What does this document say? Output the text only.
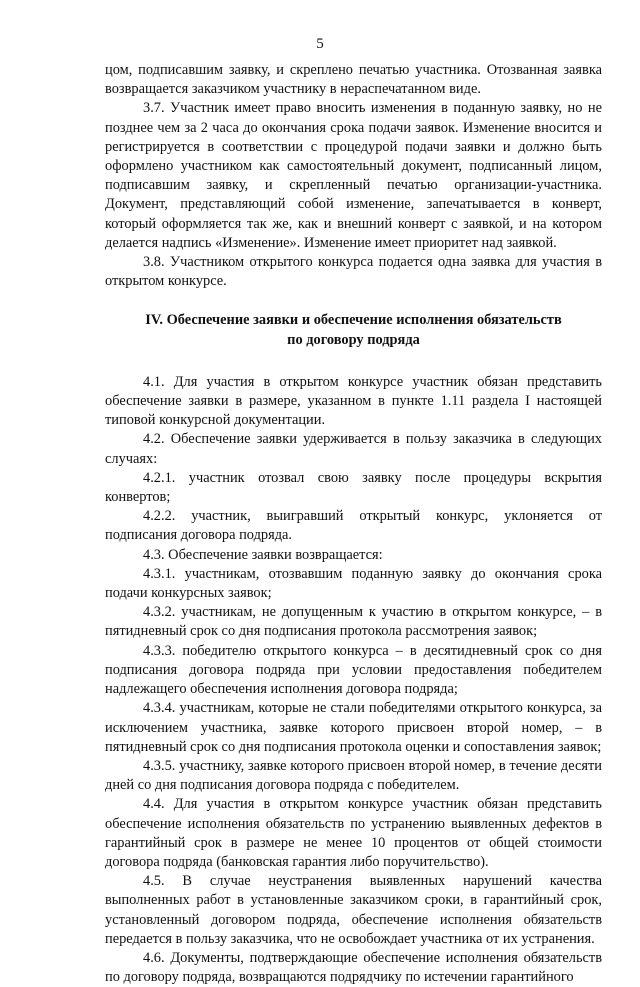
5

цом, подписавшим заявку, и скреплено печатью участника. Отозванная заявка возвращается заказчиком участнику в нераспечатанном виде.

3.7. Участник имеет право вносить изменения в поданную заявку, но не позднее чем за 2 часа до окончания срока подачи заявок. Изменение вносится и регистрируется в соответствии с процедурой подачи заявки и должно быть оформлено участником как самостоятельный документ, подписанный лицом, подписавшим заявку, и скрепленный печатью организации-участника. Документ, представляющий собой изменение, запечатывается в конверт, который оформляется так же, как и внешний конверт с заявкой, и на котором делается надпись «Изменение». Изменение имеет приоритет над заявкой.

3.8. Участником открытого конкурса подается одна заявка для участия в открытом конкурсе.

IV. Обеспечение заявки и обеспечение исполнения обязательств
по договору подряда

4.1. Для участия в открытом конкурсе участник обязан представить обеспечение заявки в размере, указанном в пункте 1.11 раздела I настоящей типовой конкурсной документации.

4.2. Обеспечение заявки удерживается в пользу заказчика в следующих случаях:

4.2.1. участник отозвал свою заявку после процедуры вскрытия конвертов;

4.2.2. участник, выигравший открытый конкурс, уклоняется от подписания договора подряда.

4.3. Обеспечение заявки возвращается:

4.3.1. участникам, отозвавшим поданную заявку до окончания срока подачи конкурсных заявок;

4.3.2. участникам, не допущенным к участию в открытом конкурсе, – в пятидневный срок со дня подписания протокола рассмотрения заявок;

4.3.3. победителю открытого конкурса – в десятидневный срок со дня подписания договора подряда при условии предоставления победителем надлежащего обеспечения исполнения договора подряда;

4.3.4. участникам, которые не стали победителями открытого конкурса, за исключением участника, заявке которого присвоен второй номер, – в пятидневный срок со дня подписания протокола оценки и сопоставления заявок;

4.3.5. участнику, заявке которого присвоен второй номер, в течение десяти дней со дня подписания договора подряда с победителем.

4.4. Для участия в открытом конкурсе участник обязан представить обеспечение исполнения обязательств по устранению выявленных дефектов в гарантийный срок в размере не менее 10 процентов от общей стоимости договора подряда (банковская гарантия либо поручительство).

4.5. В случае неустранения выявленных нарушений качества выполненных работ в установленные заказчиком сроки, в гарантийный срок, установленный договором подряда, обеспечение исполнения обязательств передается в пользу заказчика, что не освобождает участника от их устранения.

4.6. Документы, подтверждающие обеспечение исполнения обязательств по договору подряда, возвращаются подрядчику по истечении гарантийного
